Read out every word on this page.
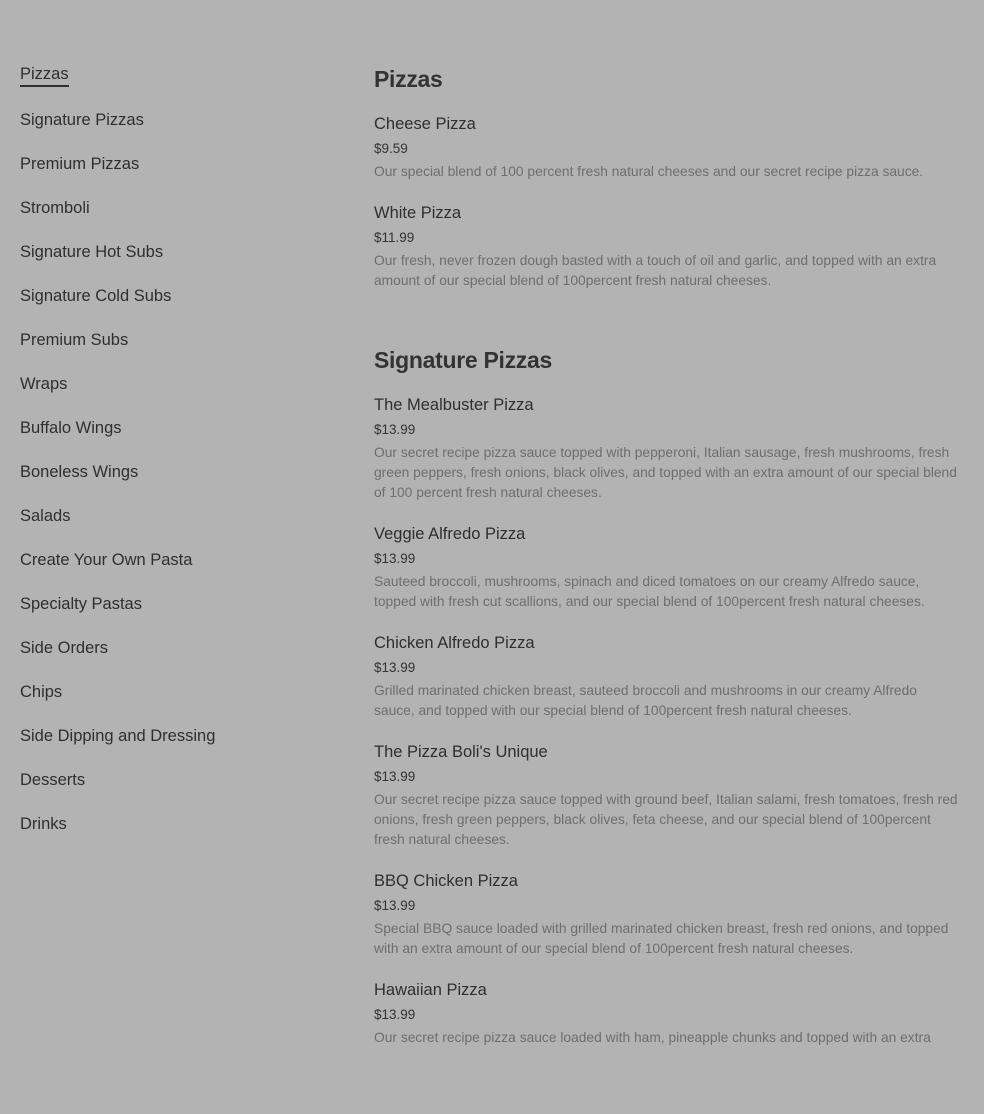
Pizzas
Signature Pizzas
Premium Pizzas
Stromboli
Signature Hot Subs
Signature Cold Subs
Premium Subs
Wraps
Buffalo Wings
Boneless Wings
Salads
Create Your Own Pasta
Specialty Pastas
Side Orders
Chips
Side Dipping and Dressing
Desserts
Drinks
Pizzas
Cheese Pizza
$9.59
Our special blend of 100 percent fresh natural cheeses and our secret recipe pizza sauce.
White Pizza
$11.99
Our fresh, never frozen dough basted with a touch of oil and garlic, and topped with an extra amount of our special blend of 100percent fresh natural cheeses.
Signature Pizzas
The Mealbuster Pizza
$13.99
Our secret recipe pizza sauce topped with pepperoni, Italian sausage, fresh mushrooms, fresh green peppers, fresh onions, black olives, and topped with an extra amount of our special blend of 100 percent fresh natural cheeses.
Veggie Alfredo Pizza
$13.99
Sauteed broccoli, mushrooms, spinach and diced tomatoes on our creamy Alfredo sauce, topped with fresh cut scallions, and our special blend of 100percent fresh natural cheeses.
Chicken Alfredo Pizza
$13.99
Grilled marinated chicken breast, sauteed broccoli and mushrooms in our creamy Alfredo sauce, and topped with our special blend of 100percent fresh natural cheeses.
The Pizza Boli's Unique
$13.99
Our secret recipe pizza sauce topped with ground beef, Italian salami, fresh tomatoes, fresh red onions, fresh green peppers, black olives, feta cheese, and our special blend of 100percent fresh natural cheeses.
BBQ Chicken Pizza
$13.99
Special BBQ sauce loaded with grilled marinated chicken breast, fresh red onions, and topped with an extra amount of our special blend of 100percent fresh natural cheeses.
Hawaiian Pizza
$13.99
Our secret recipe pizza sauce loaded with ham, pineapple chunks and topped with an extra
